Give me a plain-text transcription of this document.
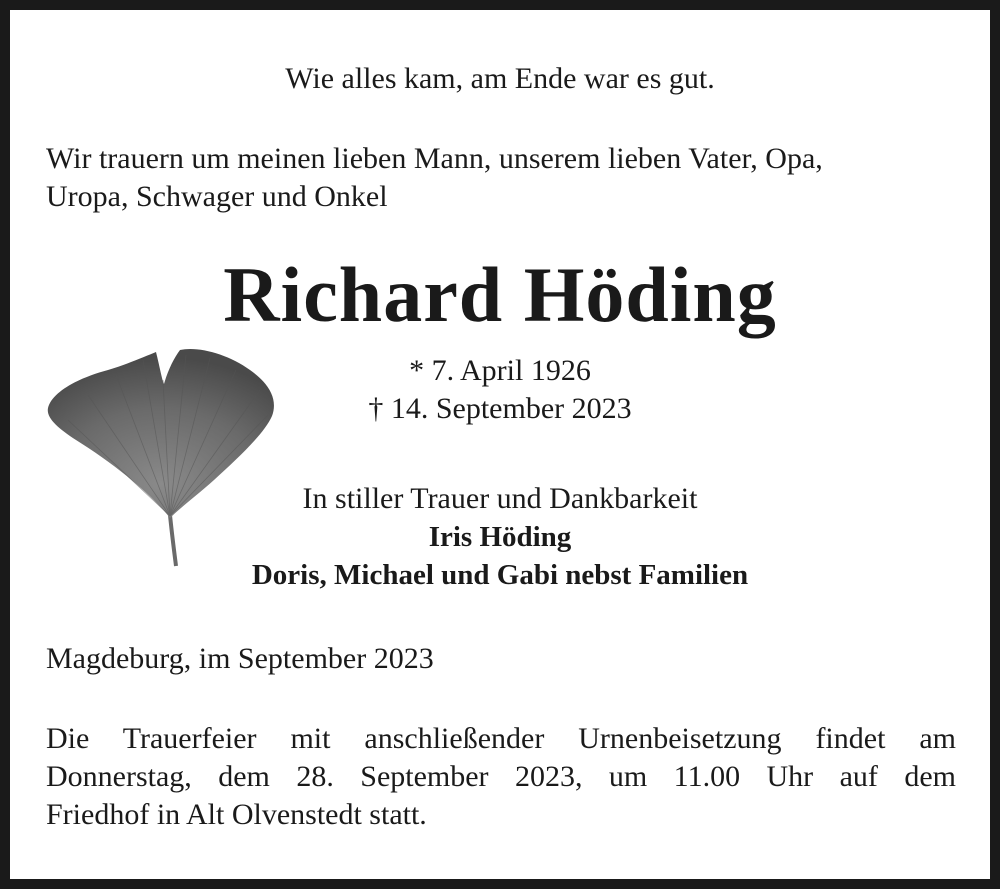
Wie alles kam, am Ende war es gut.
Wir trauern um meinen lieben Mann, unserem lieben Vater, Opa,
Uropa, Schwager und Onkel
Richard Höding
* 7. April 1926
† 14. September 2023
In stiller Trauer und Dankbarkeit
Iris Höding
Doris, Michael und Gabi nebst Familien
Magdeburg, im September 2023
Die Trauerfeier mit anschließender Urnenbeisetzung findet am
Donnerstag, dem 28. September 2023, um 11.00 Uhr auf dem
Friedhof in Alt Olvenstedt statt.
